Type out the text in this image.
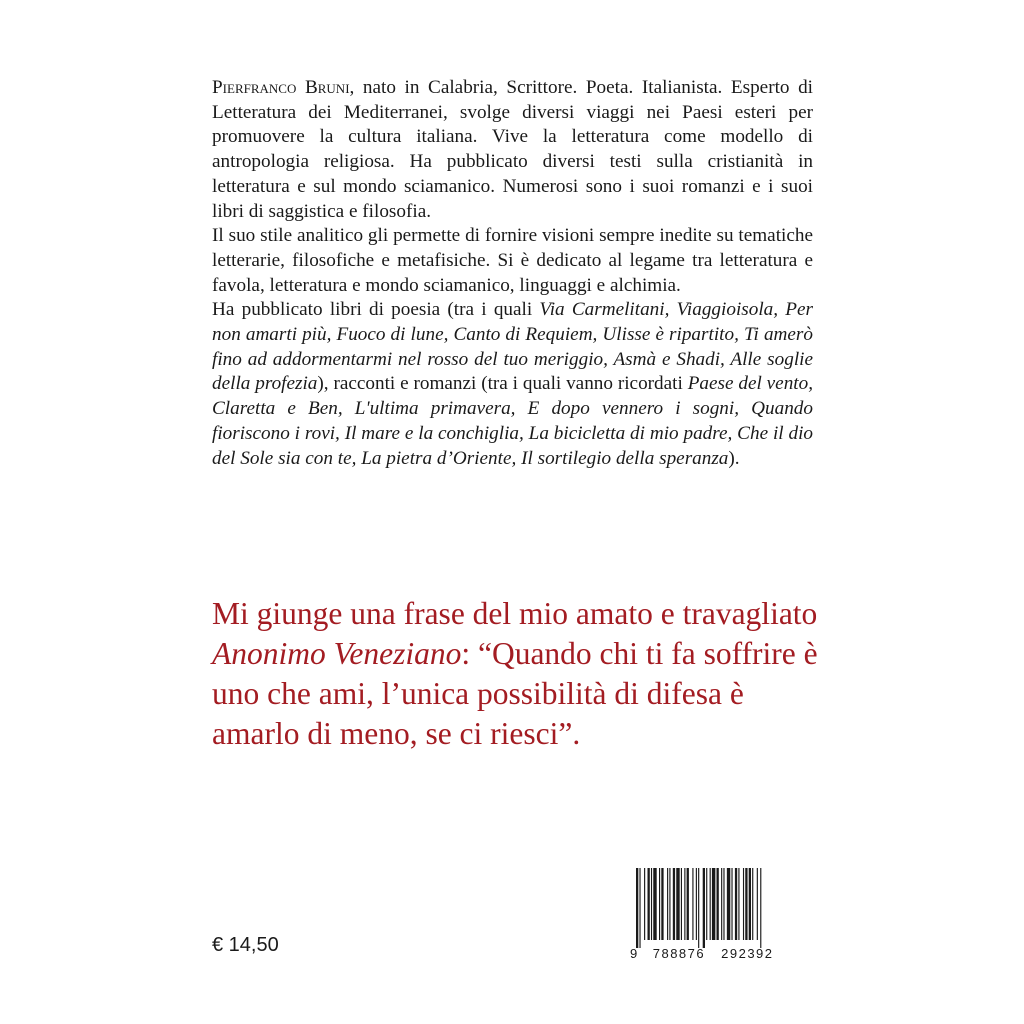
Pierfranco Bruni, nato in Calabria, Scrittore. Poeta. Italianista. Esperto di Letteratura dei Mediterranei, svolge diversi viaggi nei Paesi esteri per promuovere la cultura italiana. Vive la letteratura come modello di antropologia religiosa. Ha pubblicato diversi testi sulla cristianità in letteratura e sul mondo sciamanico. Numerosi sono i suoi romanzi e i suoi libri di saggistica e filosofia.

Il suo stile analitico gli permette di fornire visioni sempre inedite su tematiche letterarie, filosofiche e metafisiche. Si è dedicato al legame tra letteratura e favola, letteratura e mondo sciamanico, linguaggi e alchimia.

Ha pubblicato libri di poesia (tra i quali Via Carmelitani, Viaggioisola, Per non amarti più, Fuoco di lune, Canto di Requiem, Ulisse è ripartito, Ti amerò fino ad addormentarmi nel rosso del tuo meriggio, Asmà e Shadi, Alle soglie della profezia), racconti e romanzi (tra i quali vanno ricordati Paese del vento, Claretta e Ben, L'ultima primavera, E dopo vennero i sogni, Quando fioriscono i rovi, Il mare e la conchiglia, La bicicletta di mio padre, Che il dio del Sole sia con te, La pietra d’Oriente, Il sortilegio della speranza).

Mi giunge una frase del mio amato e travagliato Anonimo Veneziano: “Quando chi ti fa soffrire è uno che ami, l’unica possibilità di difesa è amarlo di meno, se ci riesci”.

€ 14,50	9 788876 292392
